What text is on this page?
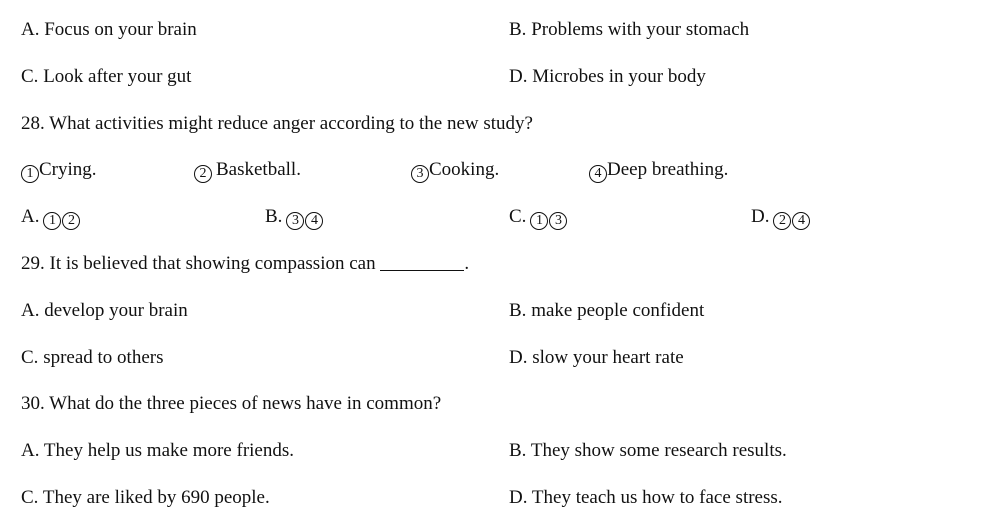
A. Focus on your brain	B. Problems with your stomach
C. Look after your gut	D. Microbes in your body
28. What activities might reduce anger according to the new study?
1 Crying.	2 Basketball.	3 Cooking.	4 Deep breathing.
A. 1 2	B. 3 4	C. 1 3	D. 2 4
29. It is believed that showing compassion can	.
A. develop your brain	B. make people confident
C. spread to others	D. slow your heart rate
30. What do the three pieces of news have in common?
A. They help us make more friends.	B. They show some research results.
C. They are liked by 690 people.	D. They teach us how to face stress.
